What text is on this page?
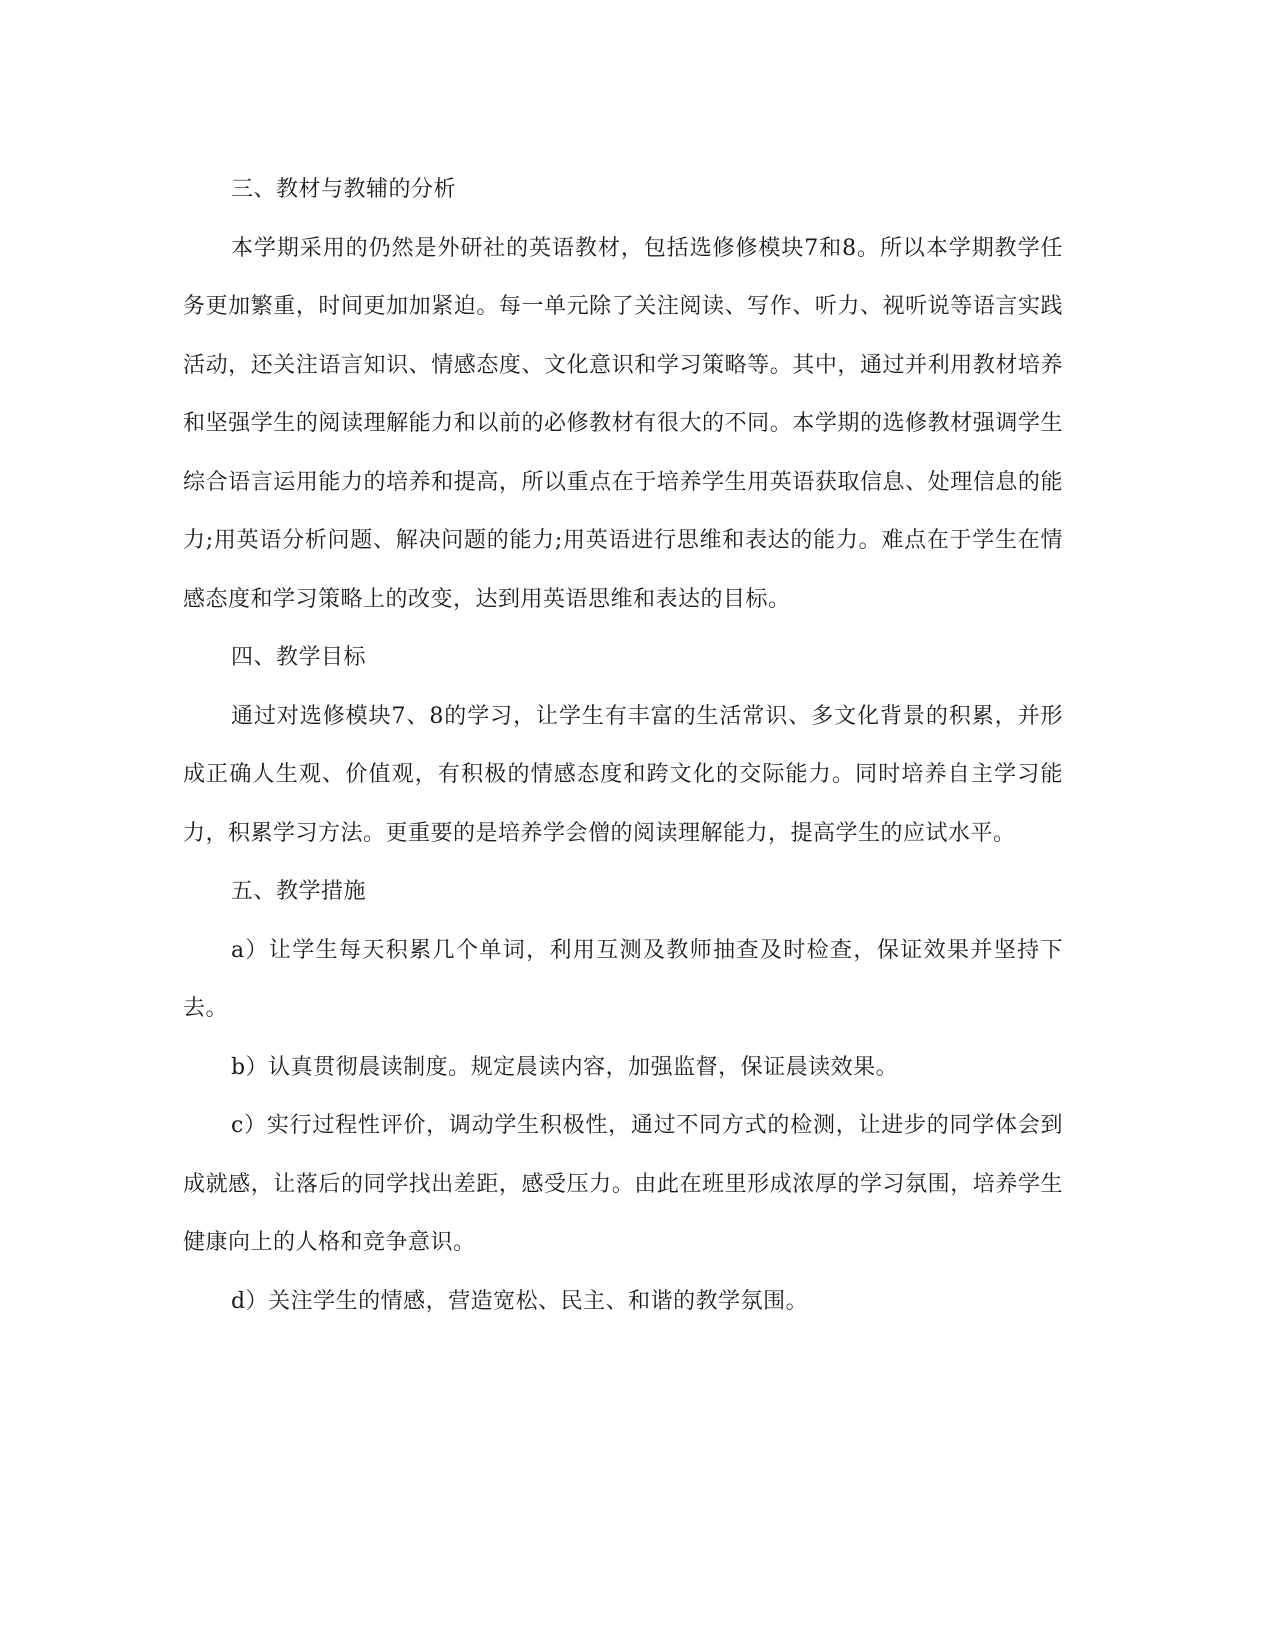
三、教材与教辅的分析

本学期采用的仍然是外研社的英语教材，包括选修修模块7和8。所以本学期教学任务更加繁重，时间更加加紧迫。每一单元除了关注阅读、写作、听力、视听说等语言实践活动，还关注语言知识、情感态度、文化意识和学习策略等。其中，通过并利用教材培养和坚强学生的阅读理解能力和以前的必修教材有很大的不同。本学期的选修教材强调学生综合语言运用能力的培养和提高，所以重点在于培养学生用英语获取信息、处理信息的能力;用英语分析问题、解决问题的能力;用英语进行思维和表达的能力。难点在于学生在情感态度和学习策略上的改变，达到用英语思维和表达的目标。

四、教学目标

通过对选修模块7、8的学习，让学生有丰富的生活常识、多文化背景的积累，并形成正确人生观、价值观，有积极的情感态度和跨文化的交际能力。同时培养自主学习能力，积累学习方法。更重要的是培养学会僧的阅读理解能力，提高学生的应试水平。

五、教学措施

a）让学生每天积累几个单词，利用互测及教师抽查及时检查，保证效果并坚持下去。

b）认真贯彻晨读制度。规定晨读内容，加强监督，保证晨读效果。

c）实行过程性评价，调动学生积极性，通过不同方式的检测，让进步的同学体会到成就感，让落后的同学找出差距，感受压力。由此在班里形成浓厚的学习氛围，培养学生健康向上的人格和竞争意识。

d）关注学生的情感，营造宽松、民主、和谐的教学氛围。
